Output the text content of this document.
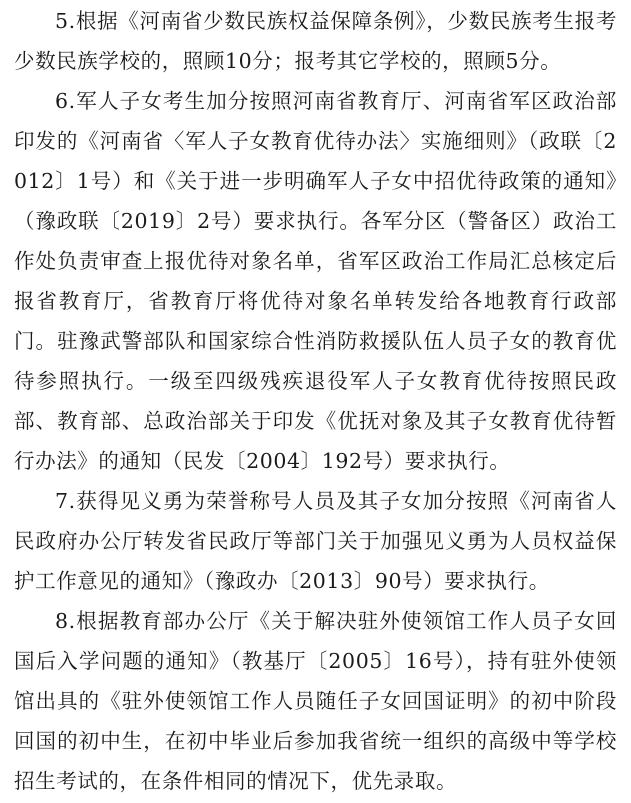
5.根据《河南省少数民族权益保障条例》，少数民族考生报考少数民族学校的，照顾10分；报考其它学校的，照顾5分。

6.军人子女考生加分按照河南省教育厅、河南省军区政治部印发的《河南省〈军人子女教育优待办法〉实施细则》（政联〔2012〕1号）和《关于进一步明确军人子女中招优待政策的通知》（豫政联〔2019〕2号）要求执行。各军分区（警备区）政治工作处负责审查上报优待对象名单，省军区政治工作局汇总核定后报省教育厅，省教育厅将优待对象名单转发给各地教育行政部门。驻豫武警部队和国家综合性消防救援队伍人员子女的教育优待参照执行。一级至四级残疾退役军人子女教育优待按照民政部、教育部、总政治部关于印发《优抚对象及其子女教育优待暂行办法》的通知（民发〔2004〕192号）要求执行。

7.获得见义勇为荣誉称号人员及其子女加分按照《河南省人民政府办公厅转发省民政厅等部门关于加强见义勇为人员权益保护工作意见的通知》（豫政办〔2013〕90号）要求执行。

8.根据教育部办公厅《关于解决驻外使领馆工作人员子女回国后入学问题的通知》（教基厅〔2005〕16号），持有驻外使领馆出具的《驻外使领馆工作人员随任子女回国证明》的初中阶段回国的初中生，在初中毕业后参加我省统一组织的高级中等学校招生考试的，在条件相同的情况下，优先录取。
